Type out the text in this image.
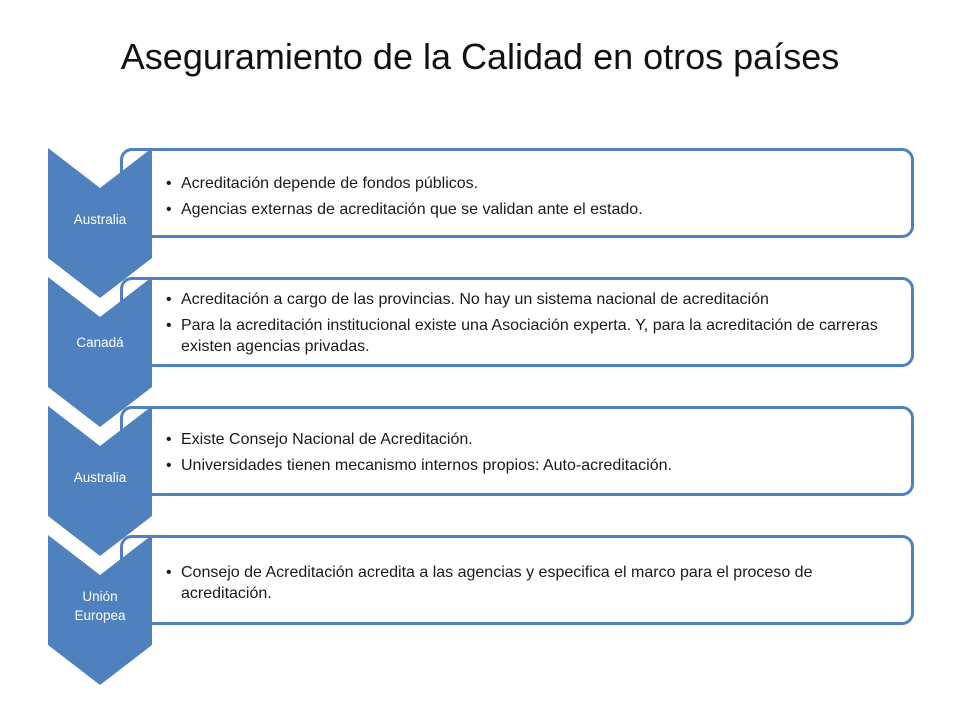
Aseguramiento de la Calidad en otros países
• Acreditación depende de fondos públicos.
• Agencias externas de acreditación que se validan ante el estado.
Australia
• Acreditación a cargo de las provincias. No hay un sistema nacional de acreditación
• Para la acreditación institucional existe una Asociación experta. Y, para la acreditación de carreras existen agencias privadas.
Canadá
• Existe Consejo Nacional de Acreditación.
• Universidades tienen mecanismo internos propios: Auto-acreditación.
Australia
• Consejo de Acreditación acredita a las agencias y especifica el marco para el proceso de acreditación.
Unión Europea
